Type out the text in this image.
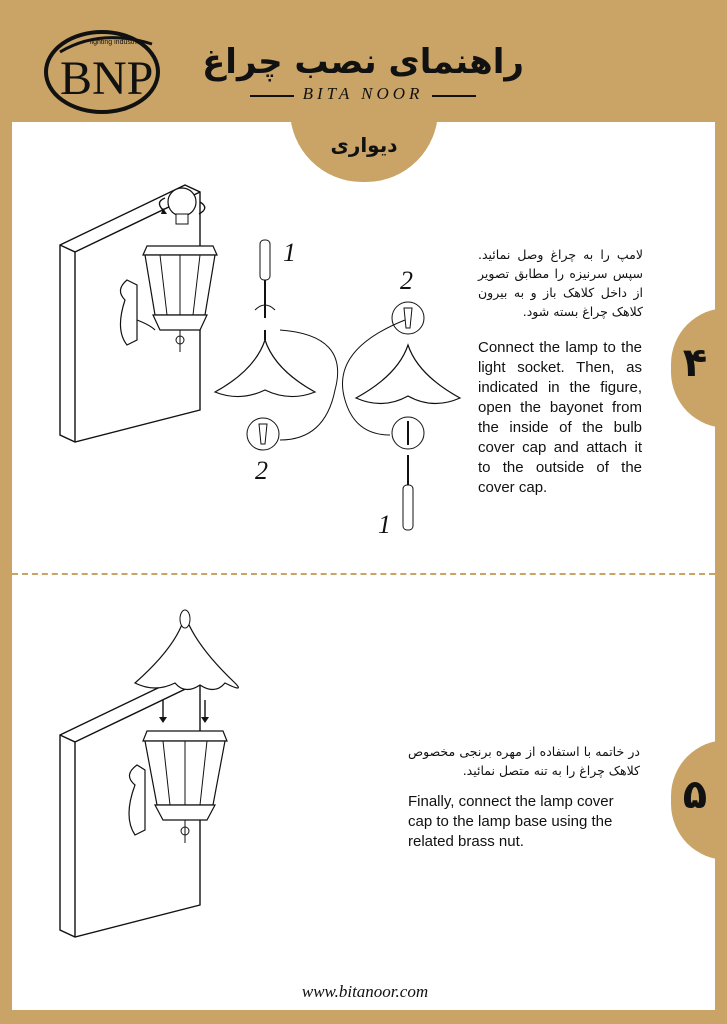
BNP
lighting industries	راهنمای نصب چراغ
BITA NOOR
دیواری
1
2
2
1
لامپ را به چراغ وصل نمائید. سپس سرنیزه را مطابق تصویر از داخل کلاهک باز و به بیرون کلاهک چراغ بسته شود.
Connect the lamp to the light socket. Then, as indicated in the figure, open the bayonet from the inside of the bulb cover cap and attach it to the outside of the cover cap.
۴
در خاتمه با استفاده از مهره برنجی مخصوص کلاهک چراغ را به تنه متصل نمائید.
Finally, connect the lamp cover cap to the lamp base using the related brass nut.
۵
www.bitanoor.com
